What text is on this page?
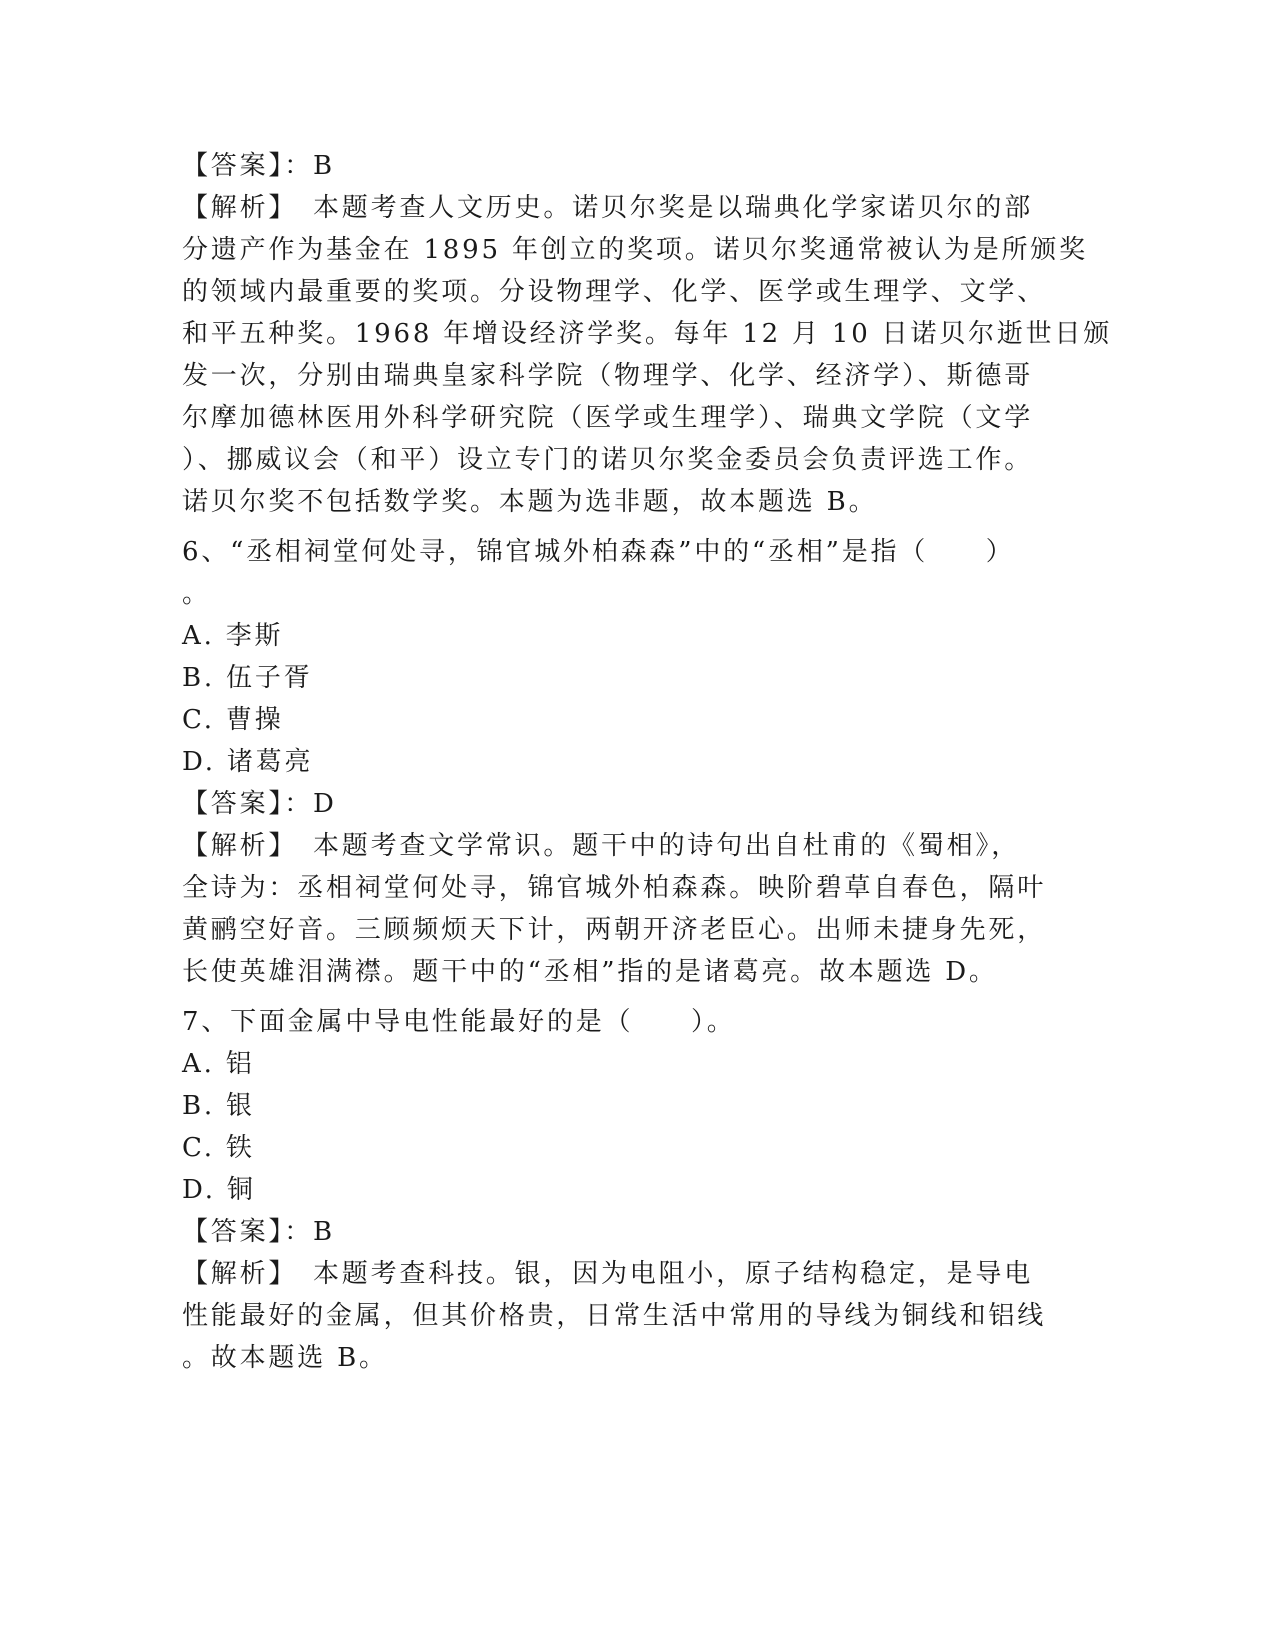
【答案】：B
【解析】　本题考查人文历史。诺贝尔奖是以瑞典化学家诺贝尔的部
分遗产作为基金在 1895 年创立的奖项。诺贝尔奖通常被认为是所颁奖
的领域内最重要的奖项。分设物理学、化学、医学或生理学、文学、
和平五种奖。1968 年增设经济学奖。每年 12 月 10 日诺贝尔逝世日颁
发一次，分别由瑞典皇家科学院（物理学、化学、经济学）、斯德哥
尔摩加德林医用外科学研究院（医学或生理学）、瑞典文学院（文学
）、挪威议会（和平）设立专门的诺贝尔奖金委员会负责评选工作。
诺贝尔奖不包括数学奖。本题为选非题，故本题选 B。
6、“丞相祠堂何处寻，锦官城外柏森森”中的“丞相”是指（　　）
。
A. 李斯
B. 伍子胥
C. 曹操
D. 诸葛亮
【答案】：D
【解析】　本题考查文学常识。题干中的诗句出自杜甫的《蜀相》，
全诗为：丞相祠堂何处寻，锦官城外柏森森。映阶碧草自春色，隔叶
黄鹂空好音。三顾频烦天下计，两朝开济老臣心。出师未捷身先死，
长使英雄泪满襟。题干中的“丞相”指的是诸葛亮。故本题选 D。
7、下面金属中导电性能最好的是（　　）。
A. 铝
B. 银
C. 铁
D. 铜
【答案】：B
【解析】　本题考查科技。银，因为电阻小，原子结构稳定，是导电
性能最好的金属，但其价格贵，日常生活中常用的导线为铜线和铝线
。故本题选 B。
